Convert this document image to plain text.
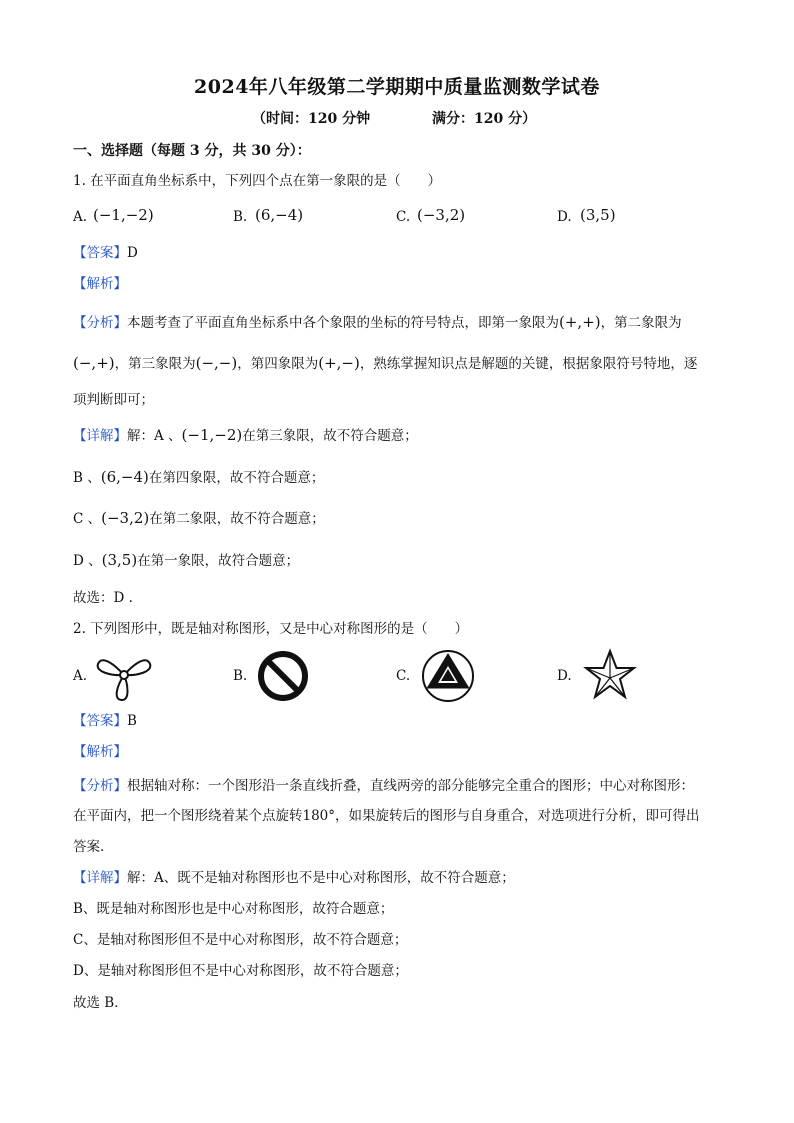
2024年八年级第二学期期中质量监测数学试卷
（时间：120 分钟	满分：120 分）
一、选择题（每题 3 分，共 30 分）：
1. 在平面直角坐标系中，下列四个点在第一象限的是（　　）
A. (−1,−2)	B. (6,−4)	C. (−3,2)	D. (3,5)
【答案】D
【解析】
【分析】本题考查了平面直角坐标系中各个象限的坐标的符号特点，即第一象限为(+,+)，第二象限为
(−,+)，第三象限为(−,−)，第四象限为(+,−)，熟练掌握知识点是解题的关键，根据象限符号特地，逐
项判断即可；
【详解】解：A 、(−1,−2)在第三象限，故不符合题意；
B 、(6,−4)在第四象限，故不符合题意；
C 、(−3,2)在第二象限，故不符合题意；
D 、(3,5)在第一象限，故符合题意；
故选：D .
2. 下列图形中，既是轴对称图形，又是中心对称图形的是（　　）
A.	B.	C.	D.
【答案】B
【解析】
【分析】根据轴对称：一个图形沿一条直线折叠，直线两旁的部分能够完全重合的图形；中心对称图形：
在平面内，把一个图形绕着某个点旋转180°，如果旋转后的图形与自身重合，对选项进行分析，即可得出
答案．
【详解】解：A、既不是轴对称图形也不是中心对称图形，故不符合题意；
B、既是轴对称图形也是中心对称图形，故符合题意；
C、是轴对称图形但不是中心对称图形，故不符合题意；
D、是轴对称图形但不是中心对称图形，故不符合题意；
故选 B．
